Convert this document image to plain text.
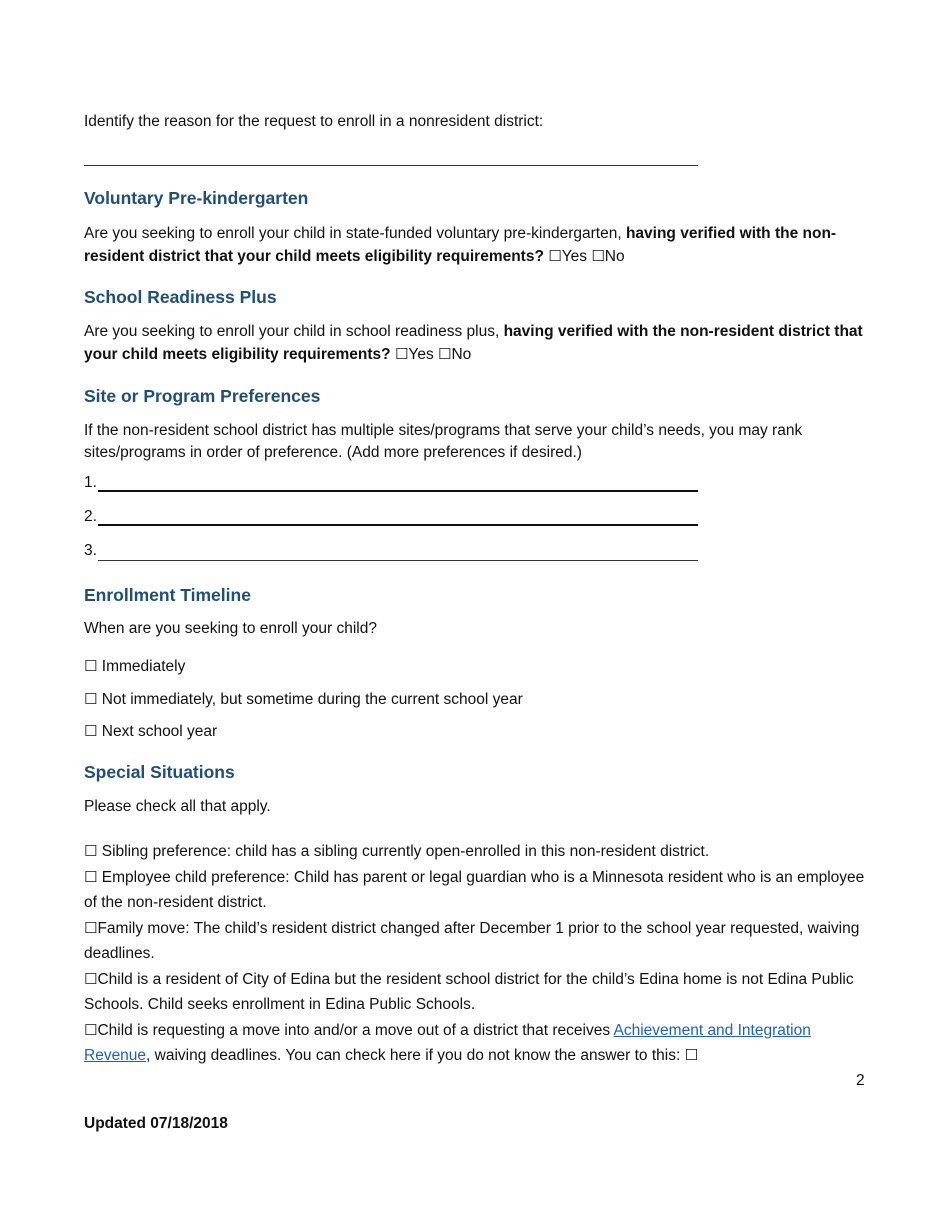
Identify the reason for the request to enroll in a nonresident district:
Voluntary Pre-kindergarten
Are you seeking to enroll your child in state-funded voluntary pre-kindergarten, having verified with the non-resident district that your child meets eligibility requirements? ☐Yes ☐No
School Readiness Plus
Are you seeking to enroll your child in school readiness plus, having verified with the non-resident district that your child meets eligibility requirements? ☐Yes ☐No
Site or Program Preferences
If the non-resident school district has multiple sites/programs that serve your child’s needs, you may rank sites/programs in order of preference. (Add more preferences if desired.)
1.
2.
3.
Enrollment Timeline
When are you seeking to enroll your child?
☐ Immediately
☐ Not immediately, but sometime during the current school year
☐ Next school year
Special Situations
Please check all that apply.
☐ Sibling preference: child has a sibling currently open-enrolled in this non-resident district.
☐ Employee child preference: Child has parent or legal guardian who is a Minnesota resident who is an employee of the non-resident district.
☐Family move: The child’s resident district changed after December 1 prior to the school year requested, waiving deadlines.
☐Child is a resident of City of Edina but the resident school district for the child’s Edina home is not Edina Public Schools. Child seeks enrollment in Edina Public Schools.
☐Child is requesting a move into and/or a move out of a district that receives Achievement and Integration Revenue, waiving deadlines. You can check here if you do not know the answer to this: ☐
2
Updated 07/18/2018
